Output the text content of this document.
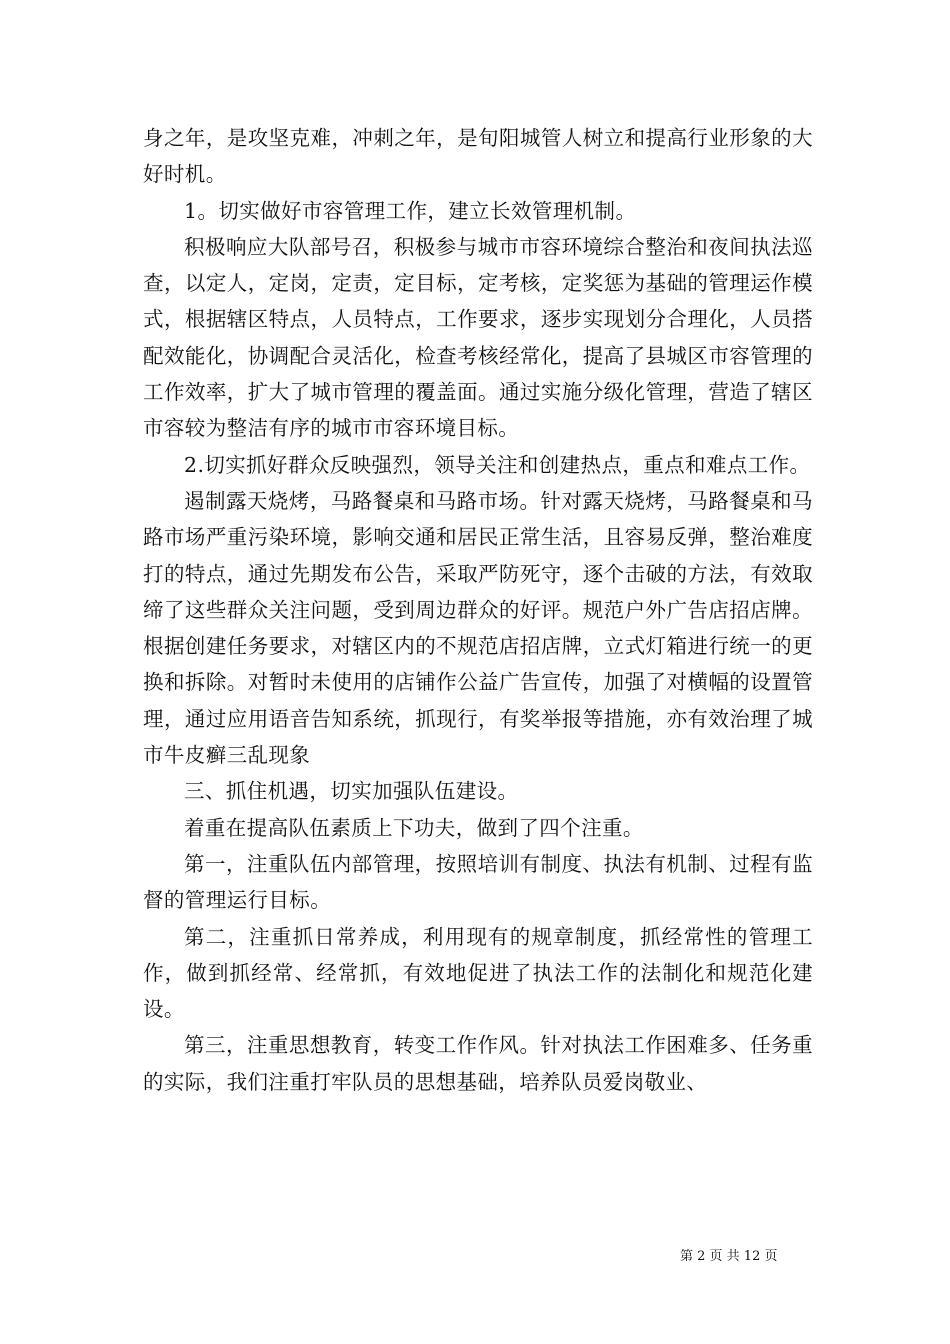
身之年，是攻坚克难，冲刺之年，是旬阳城管人树立和提高行业形象的大好时机。

1。切实做好市容管理工作，建立长效管理机制。

积极响应大队部号召，积极参与城市市容环境综合整治和夜间执法巡查，以定人，定岗，定责，定目标，定考核，定奖惩为基础的管理运作模式，根据辖区特点，人员特点，工作要求，逐步实现划分合理化，人员搭配效能化，协调配合灵活化，检查考核经常化，提高了县城区市容管理的工作效率，扩大了城市管理的覆盖面。通过实施分级化管理，营造了辖区市容较为整洁有序的城市市容环境目标。

2.切实抓好群众反映强烈，领导关注和创建热点，重点和难点工作。

遏制露天烧烤，马路餐桌和马路市场。针对露天烧烤，马路餐桌和马路市场严重污染环境，影响交通和居民正常生活，且容易反弹，整治难度打的特点，通过先期发布公告，采取严防死守，逐个击破的方法，有效取缔了这些群众关注问题，受到周边群众的好评。规范户外广告店招店牌。根据创建任务要求，对辖区内的不规范店招店牌，立式灯箱进行统一的更换和拆除。对暂时未使用的店铺作公益广告宣传，加强了对横幅的设置管理，通过应用语音告知系统，抓现行，有奖举报等措施，亦有效治理了城市牛皮癣三乱现象

三、抓住机遇，切实加强队伍建设。

着重在提高队伍素质上下功夫，做到了四个注重。

第一，注重队伍内部管理，按照培训有制度、执法有机制、过程有监督的管理运行目标。

第二，注重抓日常养成，利用现有的规章制度，抓经常性的管理工作，做到抓经常、经常抓，有效地促进了执法工作的法制化和规范化建设。

第三，注重思想教育，转变工作作风。针对执法工作困难多、任务重的实际，我们注重打牢队员的思想基础，培养队员爱岗敬业、

第 2 页 共 12 页
